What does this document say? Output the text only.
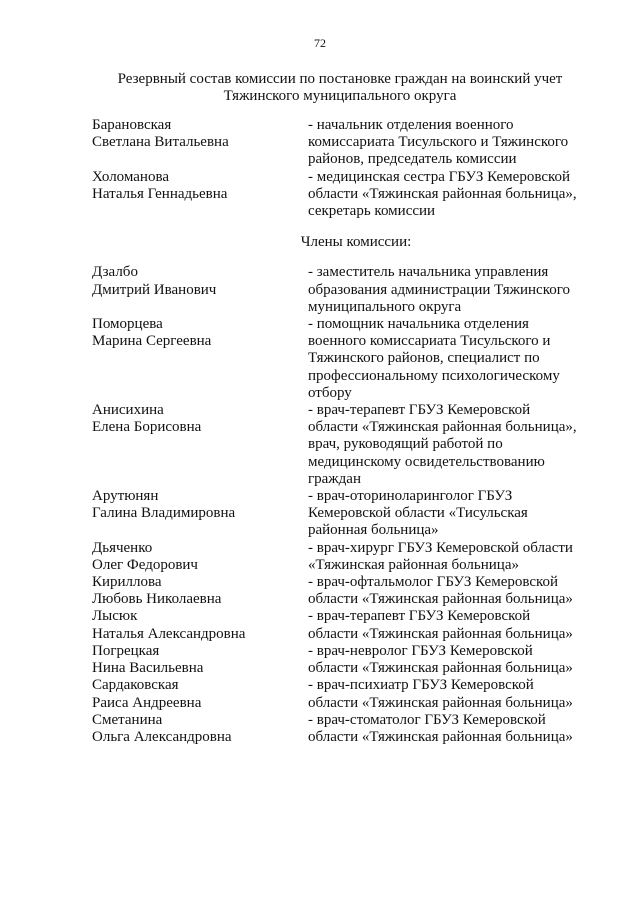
72
Резервный состав комиссии по постановке граждан на воинский учет
Тяжинского муниципального округа
Барановская
Светлана Витальевна
- начальник отделения военного
комиссариата Тисульского и Тяжинского
районов, председатель комиссии
Холоманова
Наталья Геннадьевна
- медицинская сестра ГБУЗ Кемеровской
области «Тяжинская районная больница»,
секретарь комиссии
Члены комиссии:
Дзалбо
Дмитрий Иванович
- заместитель начальника управления
образования администрации Тяжинского
муниципального округа
Поморцева
Марина Сергеевна
- помощник начальника отделения
военного комиссариата Тисульского и
Тяжинского районов, специалист по
профессиональному психологическому
отбору
Анисихина
Елена Борисовна
- врач-терапевт ГБУЗ Кемеровской
области «Тяжинская районная больница»,
врач, руководящий работой по
медицинскому освидетельствованию
граждан
Арутюнян
Галина Владимировна
- врач-оториноларинголог ГБУЗ
Кемеровской области «Тисульская
районная больница»
Дьяченко
Олег Федорович
- врач-хирург ГБУЗ Кемеровской области
«Тяжинская районная больница»
Кириллова
Любовь Николаевна
- врач-офтальмолог ГБУЗ Кемеровской
области «Тяжинская районная больница»
Лысюк
Наталья Александровна
- врач-терапевт ГБУЗ Кемеровской
области «Тяжинская районная больница»
Погрецкая
Нина Васильевна
- врач-невролог ГБУЗ Кемеровской
области «Тяжинская районная больница»
Сардаковская
Раиса Андреевна
- врач-психиатр ГБУЗ Кемеровской
области «Тяжинская районная больница»
Сметанина
Ольга Александровна
- врач-стоматолог ГБУЗ Кемеровской
области «Тяжинская районная больница»
